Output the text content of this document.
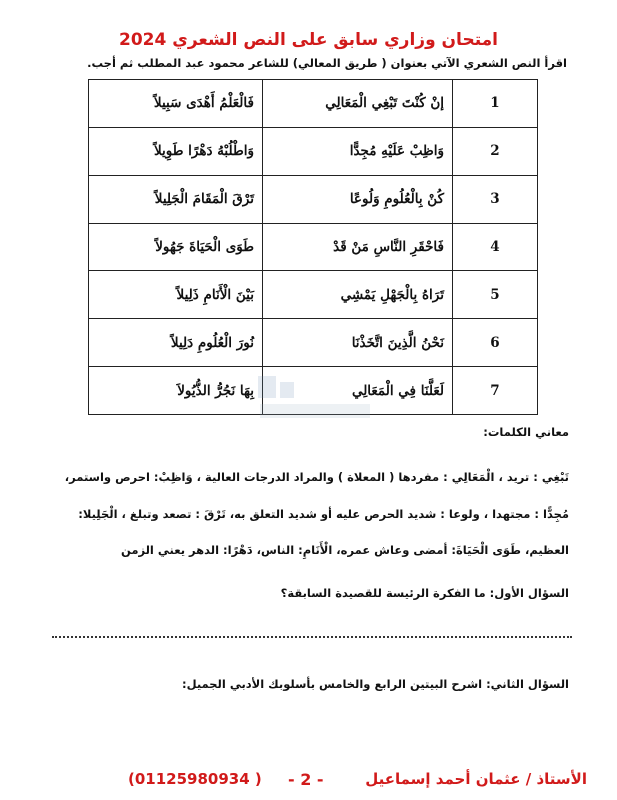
امتحان وزاري سابق على النص الشعري 2024
اقرأ النص الشعري الآتي بعنوان ( طريق المعالي) للشاعر محمود عبد المطلب ثم أجب.
1	إنْ كُنْتَ تَبْغِي الْمَعَالِي	فَالْعَلْمُ أَهْدَى سَبِيلاً
2	وَاظِبْ عَلَيْهِ مُجِدًّا	وَاطْلُبْهُ دَهْرًا طَوِيلاً
3	كُنْ بِالْعُلُومِ وَلُوعًا	تَرْقَ الْمَقَامَ الْجَلِيلاً
4	فَاحْقَرِ النَّاسِ مَنْ قَدْ	طَوَى الْحَيَاةَ جَهُولاً
5	تَرَاهُ بِالْجَهْلِ يَمْشِي	بَيْنَ الْأَنَامِ ذَلِيلاً
6	نَحْنُ الَّذِينَ اتَّخَذْنَا	نُورَ الْعُلُومِ دَلِيلاً
7	لَعَلَّنَا فِي الْمَعَالِي	بِهَا نَجُرُّ الذُّيُولاَ
معاني الكلمات:
تَبْغِي : تريد ، الْمَعَالِي : مفردها ( المعلاة ) والمراد الدرجات العالية ، وَاظِبْ: احرص واستمر،
مُجِدًّا : مجتهدا ، ولوعا : شديد الحرص عليه أو شديد التعلق به، تَرْقَ : تصعد وتبلغ ، الْجَلِيلا:
العظيم، طَوَى الْحَيَاةَ: أمضى وعاش عمره، الْأَنَامِ: الناس، دَهْرًا: الدهر يعني الزمن
السؤال الأول: ما الفكرة الرئيسة للقصيدة السابقة؟
السؤال الثاني: اشرح البيتين الرابع والخامس بأسلوبك الأدبي الجميل:
الأستاذ / عثمان أحمد إسماعيل
- 2 -
(01125980934 )
